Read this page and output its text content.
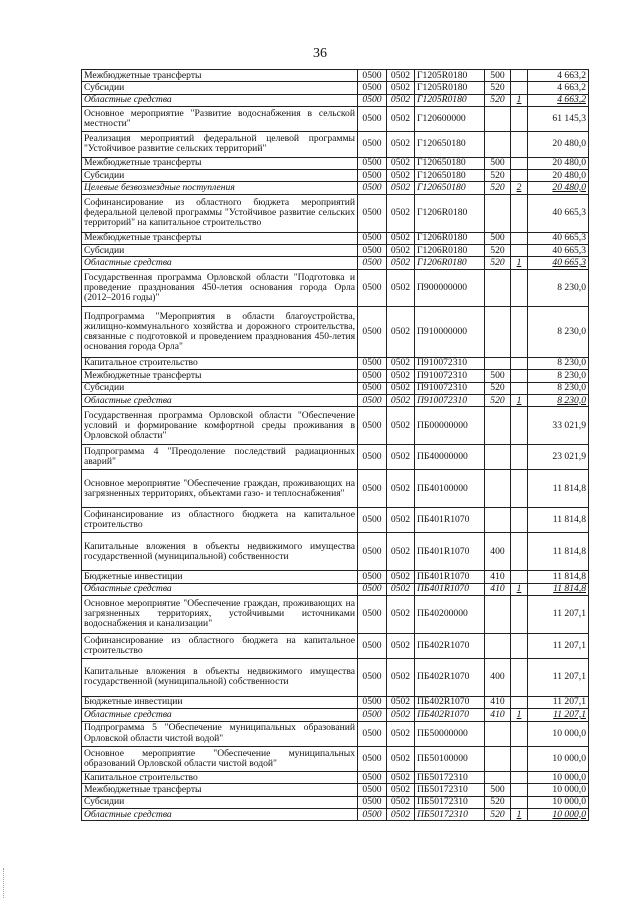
36
Межбюджетные трансферты	0500	0502	Г1205R0180	500		4 663,2
Субсидии	0500	0502	Г1205R0180	520		4 663,2
Областные средства	0500	0502	Г1205R0180	520	1	4 663,2
Основное мероприятие "Развитие водоснабжения в сельской местности"	0500	0502	Г120600000			61 145,3
Реализация мероприятий федеральной целевой программы "Устойчивое развитие сельских территорий"	0500	0502	Г120650180			20 480,0
Межбюджетные трансферты	0500	0502	Г120650180	500		20 480,0
Субсидии	0500	0502	Г120650180	520		20 480,0
Целевые безвозмездные поступления	0500	0502	Г120650180	520	2	20 480,0
Софинансирование из областного бюджета мероприятий федеральной целевой программы "Устойчивое развитие сельских территорий" на капитальное строительство	0500	0502	Г1206R0180			40 665,3
Межбюджетные трансферты	0500	0502	Г1206R0180	500		40 665,3
Субсидии	0500	0502	Г1206R0180	520		40 665,3
Областные средства	0500	0502	Г1206R0180	520	1	40 665,3
Государственная программа Орловской области "Подготовка и проведение празднования 450-летия основания города Орла (2012–2016 годы)"	0500	0502	П900000000			8 230,0
Подпрограмма "Мероприятия в области благоустройства, жилищно-коммунального хозяйства и дорожного строительства, связанные с подготовкой и проведением празднования 450-летия основания города Орла"	0500	0502	П910000000			8 230,0
Капитальное строительство	0500	0502	П910072310			8 230,0
Межбюджетные трансферты	0500	0502	П910072310	500		8 230,0
Субсидии	0500	0502	П910072310	520		8 230,0
Областные средства	0500	0502	П910072310	520	1	8 230,0
Государственная программа Орловской области "Обеспечение условий и формирование комфортной среды проживания в Орловской области"	0500	0502	ПБ00000000			33 021,9
Подпрограмма 4 "Преодоление последствий радиационных аварий"	0500	0502	ПБ40000000			23 021,9
Основное мероприятие "Обеспечение граждан, проживающих на загрязненных территориях, объектами газо- и теплоснабжения"	0500	0502	ПБ40100000			11 814,8
Софинансирование из областного бюджета на капитальное строительство	0500	0502	ПБ401R1070			11 814,8
Капитальные вложения в объекты недвижимого имущества государственной (муниципальной) собственности	0500	0502	ПБ401R1070	400		11 814,8
Бюджетные инвестиции	0500	0502	ПБ401R1070	410		11 814,8
Областные средства	0500	0502	ПБ401R1070	410	1	11 814,8
Основное мероприятие "Обеспечение граждан, проживающих на загрязненных территориях, устойчивыми источниками водоснабжения и канализации"	0500	0502	ПБ40200000			11 207,1
Софинансирование из областного бюджета на капитальное строительство	0500	0502	ПБ402R1070			11 207,1
Капитальные вложения в объекты недвижимого имущества государственной (муниципальной) собственности	0500	0502	ПБ402R1070	400		11 207,1
Бюджетные инвестиции	0500	0502	ПБ402R1070	410		11 207,1
Областные средства	0500	0502	ПБ402R1070	410	1	11 207,1
Подпрограмма 5 "Обеспечение муниципальных образований Орловской области чистой водой"	0500	0502	ПБ50000000			10 000,0
Основное мероприятие "Обеспечение муниципальных образований Орловской области чистой водой"	0500	0502	ПБ50100000			10 000,0
Капитальное строительство	0500	0502	ПБ50172310			10 000,0
Межбюджетные трансферты	0500	0502	ПБ50172310	500		10 000,0
Субсидии	0500	0502	ПБ50172310	520		10 000,0
Областные средства	0500	0502	ПБ50172310	520	1	10 000,0
